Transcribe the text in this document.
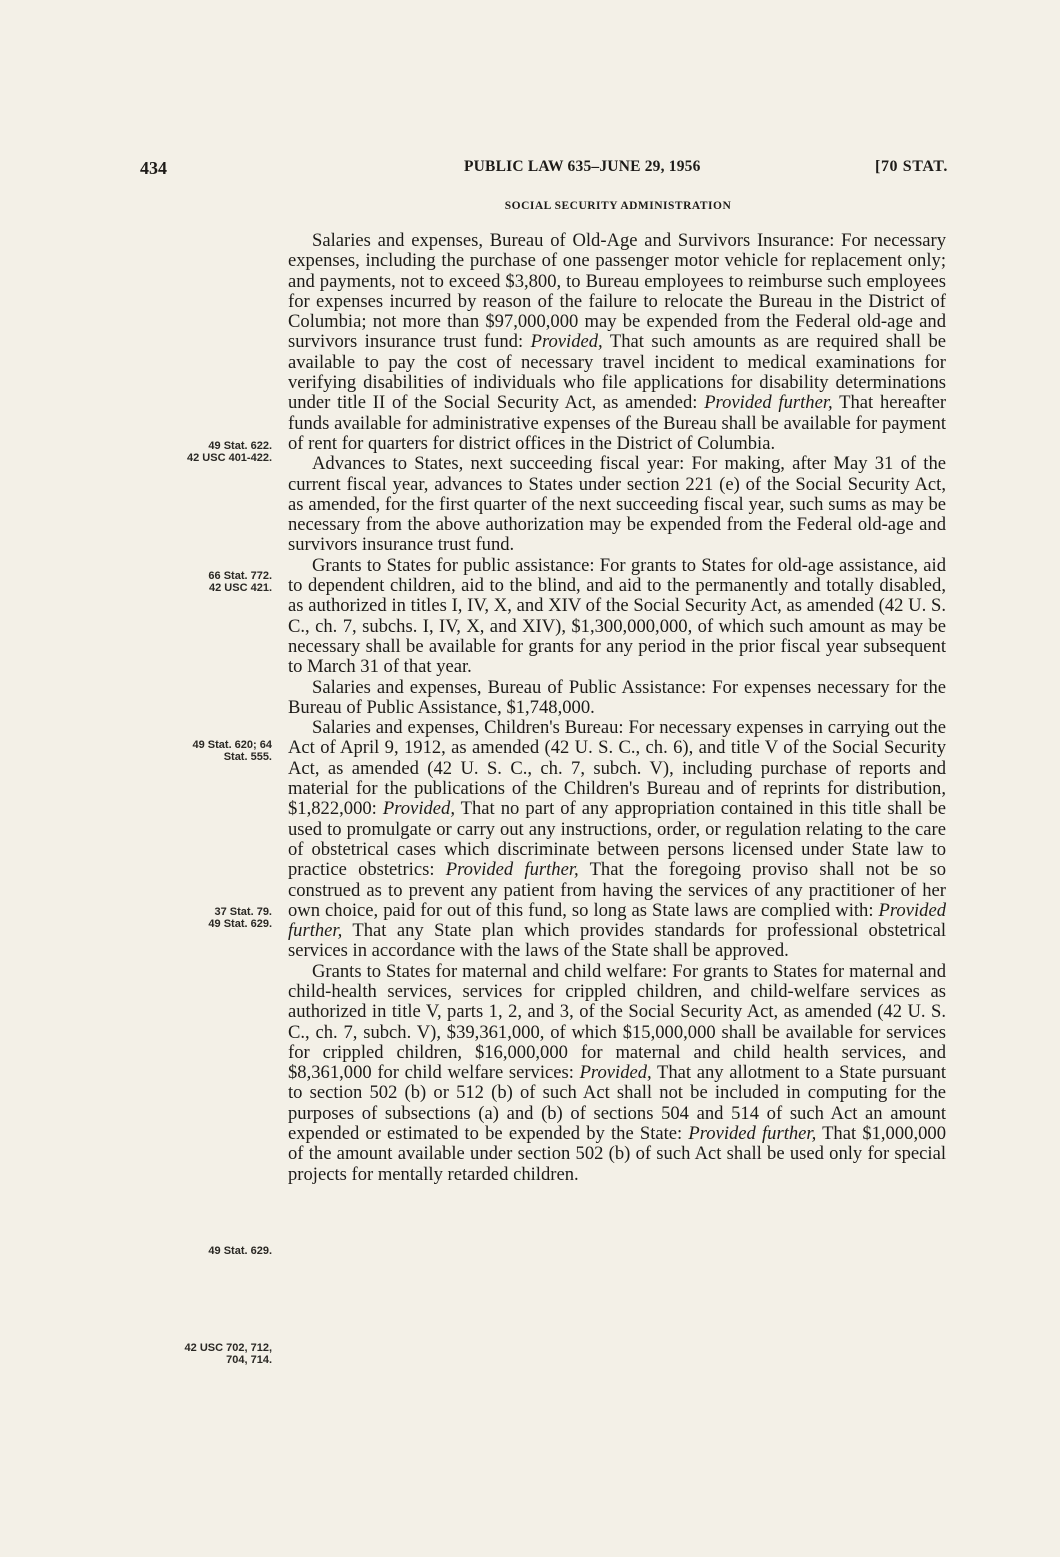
434	PUBLIC LAW 635–JUNE 29, 1956	[70 STAT.
SOCIAL SECURITY ADMINISTRATION

Salaries and expenses, Bureau of Old-Age and Survivors Insurance: For necessary expenses, including the purchase of one passenger motor vehicle for replacement only; and payments, not to exceed $3,800, to Bureau employees to reimburse such employees for expenses incurred by reason of the failure to relocate the Bureau in the District of Columbia; not more than $97,000,000 may be expended from the Federal old-age and survivors insurance trust fund: Provided, That such amounts as are required shall be available to pay the cost of necessary travel incident to medical examinations for verifying disabilities of individuals who file applications for disability determinations under title II of the Social Security Act, as amended: Provided further, That hereafter funds available for administrative expenses of the Bureau shall be available for payment of rent for quarters for district offices in the District of Columbia.

Advances to States, next succeeding fiscal year: For making, after May 31 of the current fiscal year, advances to States under section 221 (e) of the Social Security Act, as amended, for the first quarter of the next succeeding fiscal year, such sums as may be necessary from the above authorization may be expended from the Federal old-age and survivors insurance trust fund.

Grants to States for public assistance: For grants to States for old-age assistance, aid to dependent children, aid to the blind, and aid to the permanently and totally disabled, as authorized in titles I, IV, X, and XIV of the Social Security Act, as amended (42 U. S. C., ch. 7, subchs. I, IV, X, and XIV), $1,300,000,000, of which such amount as may be necessary shall be available for grants for any period in the prior fiscal year subsequent to March 31 of that year.

Salaries and expenses, Bureau of Public Assistance: For expenses necessary for the Bureau of Public Assistance, $1,748,000.

Salaries and expenses, Children's Bureau: For necessary expenses in carrying out the Act of April 9, 1912, as amended (42 U. S. C., ch. 6), and title V of the Social Security Act, as amended (42 U. S. C., ch. 7, subch. V), including purchase of reports and material for the publications of the Children's Bureau and of reprints for distribution, $1,822,000: Provided, That no part of any appropriation contained in this title shall be used to promulgate or carry out any instructions, order, or regulation relating to the care of obstetrical cases which discriminate between persons licensed under State law to practice obstetrics: Provided further, That the foregoing proviso shall not be so construed as to prevent any patient from having the services of any practitioner of her own choice, paid for out of this fund, so long as State laws are complied with: Provided further, That any State plan which provides standards for professional obstetrical services in accordance with the laws of the State shall be approved.

Grants to States for maternal and child welfare: For grants to States for maternal and child-health services, services for crippled children, and child-welfare services as authorized in title V, parts 1, 2, and 3, of the Social Security Act, as amended (42 U. S. C., ch. 7, subch. V), $39,361,000, of which $15,000,000 shall be available for services for crippled children, $16,000,000 for maternal and child health services, and $8,361,000 for child welfare services: Provided, That any allotment to a State pursuant to section 502 (b) or 512 (b) of such Act shall not be included in computing for the purposes of subsections (a) and (b) of sections 504 and 514 of such Act an amount expended or estimated to be expended by the State: Provided further, That $1,000,000 of the amount available under section 502 (b) of such Act shall be used only for special projects for mentally retarded children.

49 Stat. 622.
42 USC 401-422.
66 Stat. 772.
42 USC 421.
49 Stat. 620; 64
Stat. 555.
37 Stat. 79.
49 Stat. 629.
49 Stat. 629.
42 USC 702, 712,
704, 714.
